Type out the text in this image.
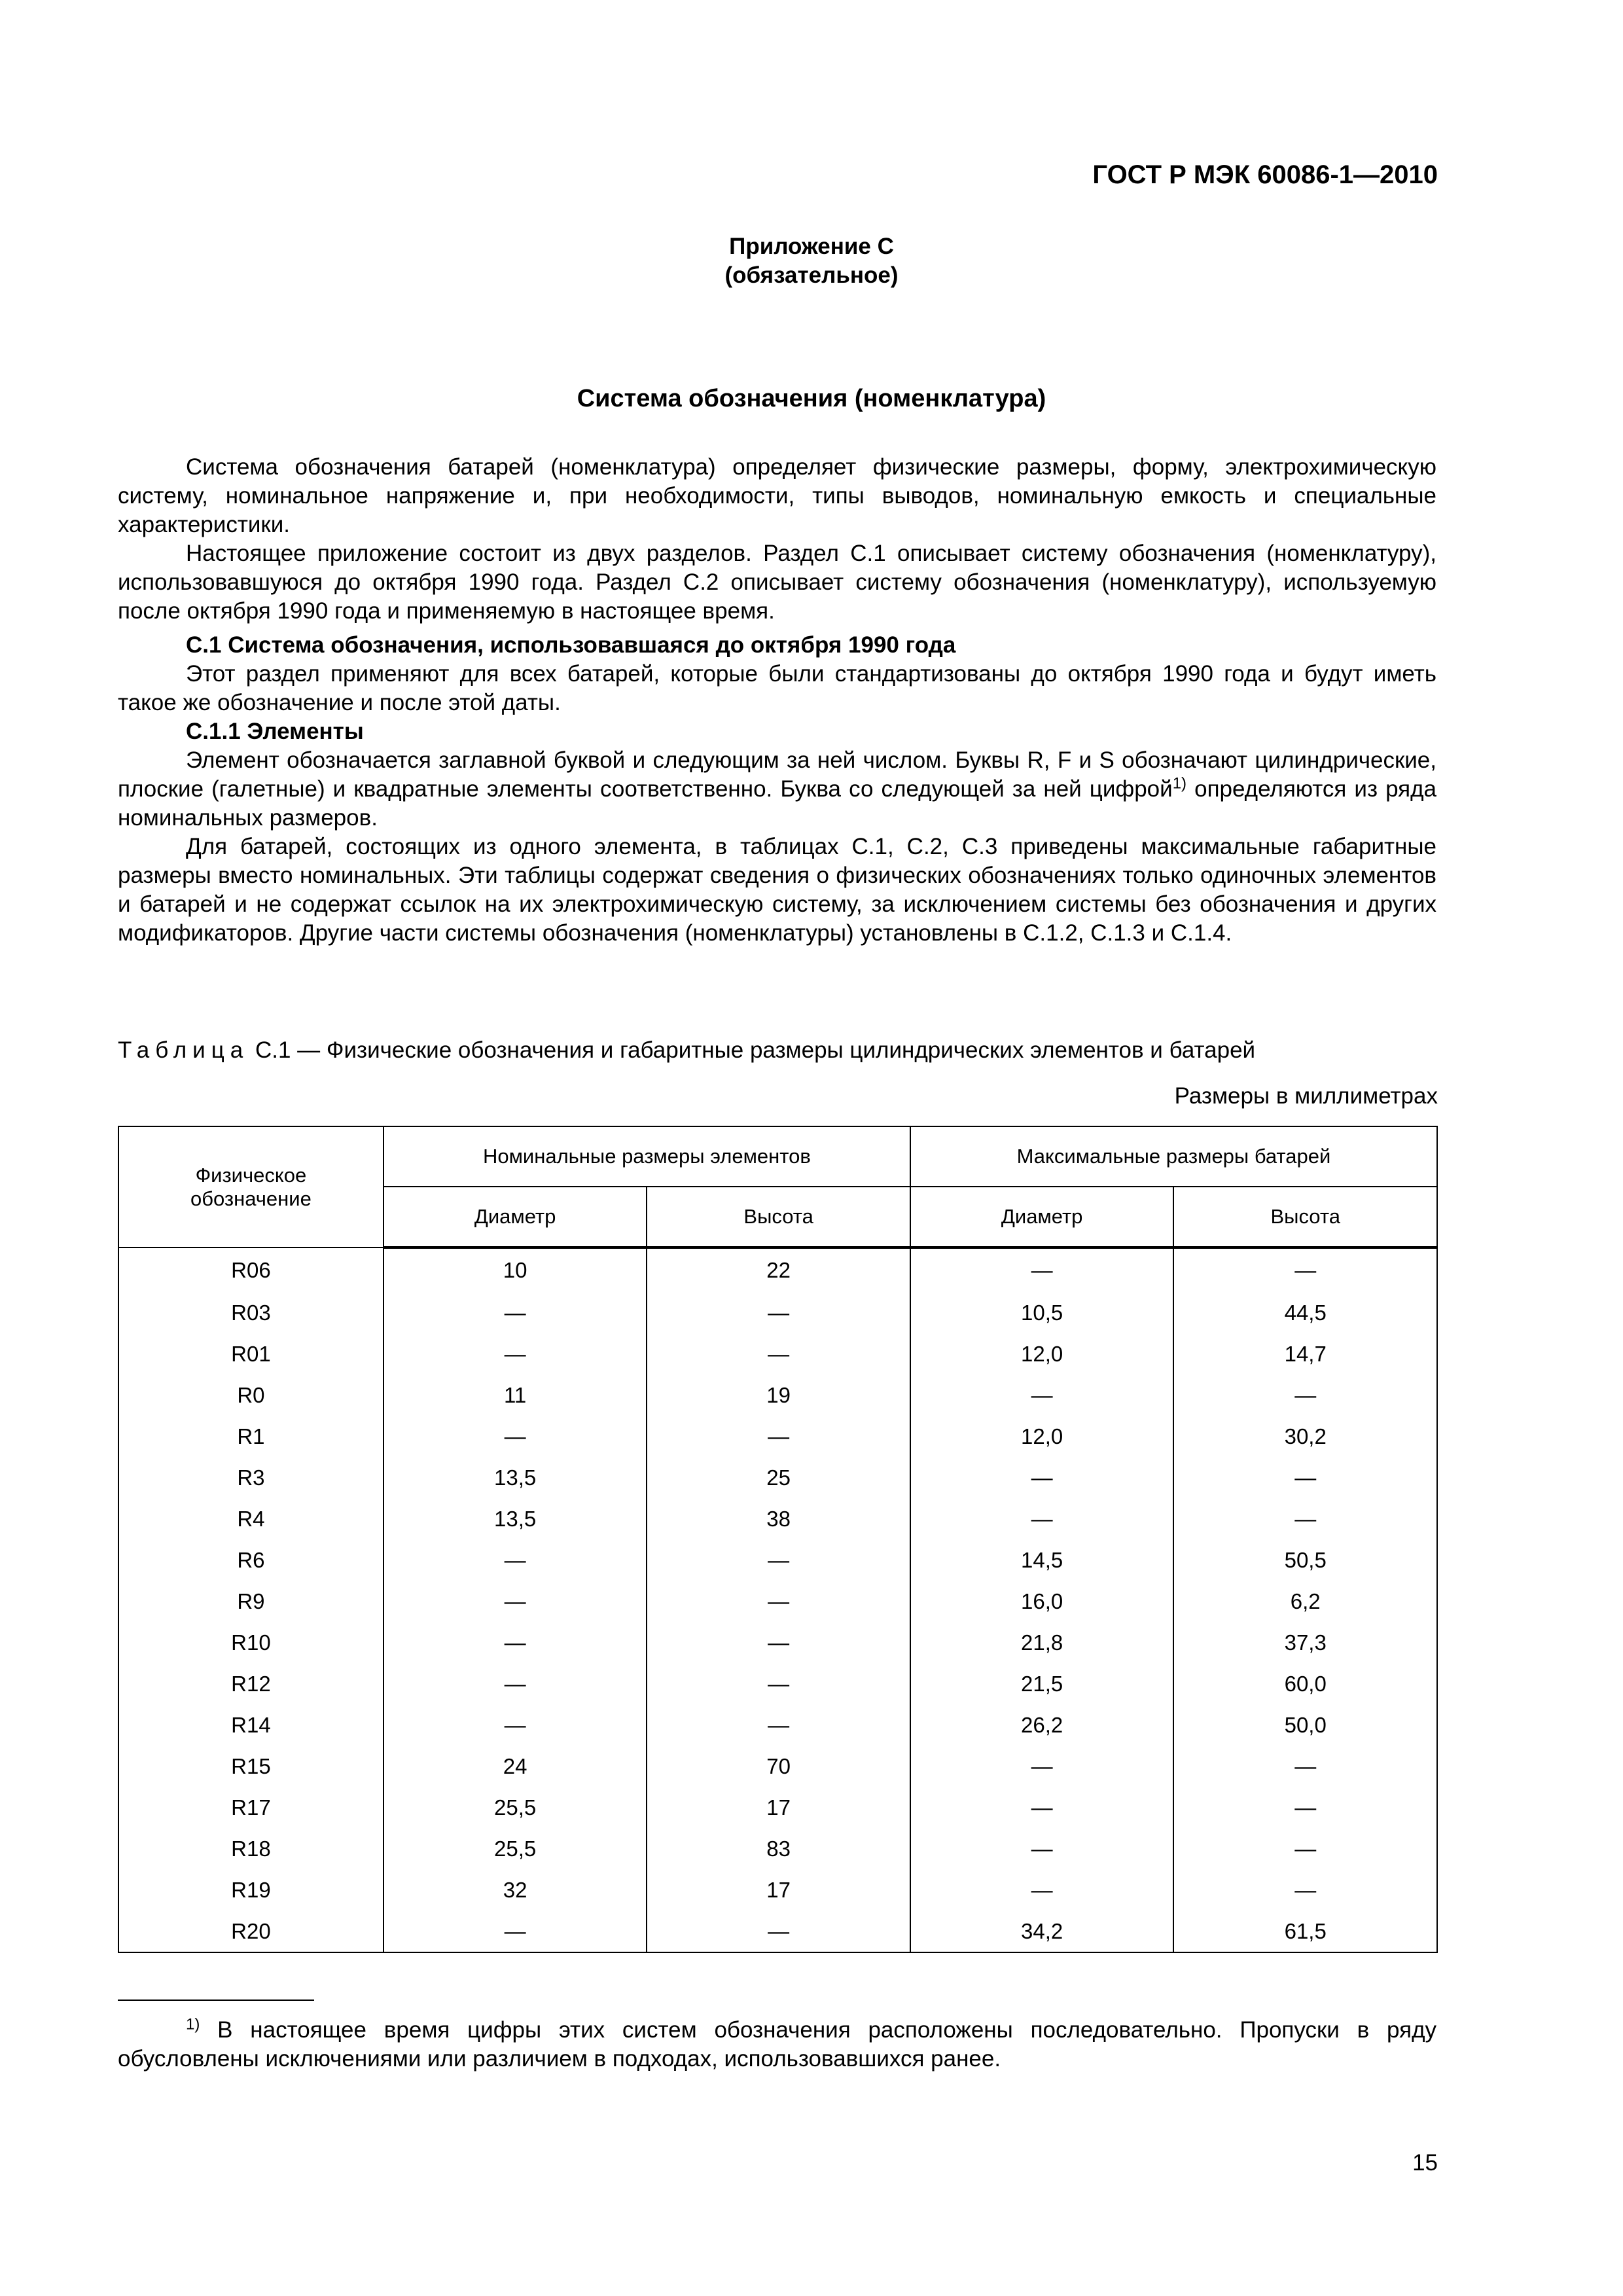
ГОСТ Р МЭК 60086-1—2010
Приложение С
(обязательное)
Система обозначения (номенклатура)

Система обозначения батарей (номенклатура) определяет физические размеры, форму, электрохимическую систему, номинальное напряжение и, при необходимости, типы выводов, номинальную емкость и специальные характеристики.

Настоящее приложение состоит из двух разделов. Раздел С.1 описывает систему обозначения (номенклатуру), использовавшуюся до октября 1990 года. Раздел С.2 описывает систему обозначения (номенклатуру), используемую после октября 1990 года и применяемую в настоящее время.

С.1 Система обозначения, использовавшаяся до октября 1990 года

Этот раздел применяют для всех батарей, которые были стандартизованы до октября 1990 года и будут иметь такое же обозначение и после этой даты.

С.1.1 Элементы

Элемент обозначается заглавной буквой и следующим за ней числом. Буквы R, F и S обозначают цилиндрические, плоские (галетные) и квадратные элементы соответственно. Буква со следующей за ней цифрой$^{1)}$ определяются из ряда номинальных размеров.

Для батарей, состоящих из одного элемента, в таблицах С.1, С.2, С.3 приведены максимальные габаритные размеры вместо номинальных. Эти таблицы содержат сведения о физических обозначениях только одиночных элементов и батарей и не содержат ссылок на их электрохимическую систему, за исключением системы без обозначения и других модификаторов. Другие части системы обозначения (номенклатуры) установлены в С.1.2, С.1.3 и С.1.4.

Таблица С.1 — Физические обозначения и габаритные размеры цилиндрических элементов и батарей
Размеры в миллиметрах
Физическое обозначение	Номинальные размеры элементов		Максимальные размеры батарей	
	Диаметр	Высота	Диаметр	Высота
R06	10	22	—	—
R03	—	—	10,5	44,5
R01	—	—	12,0	14,7
R0	11	19	—	—
R1	—	—	12,0	30,2
R3	13,5	25	—	—
R4	13,5	38	—	—
R6	—	—	14,5	50,5
R9	—	—	16,0	6,2
R10	—	—	21,8	37,3
R12	—	—	21,5	60,0
R14	—	—	26,2	50,0
R15	24	70	—	—
R17	25,5	17	—	—
R18	25,5	83	—	—
R19	32	17	—	—
R20	—	—	34,2	61,5
$^{1)}$ В настоящее время цифры этих систем обозначения расположены последовательно. Пропуски в ряду обусловлены исключениями или различием в подходах, использовавшихся ранее.
15
